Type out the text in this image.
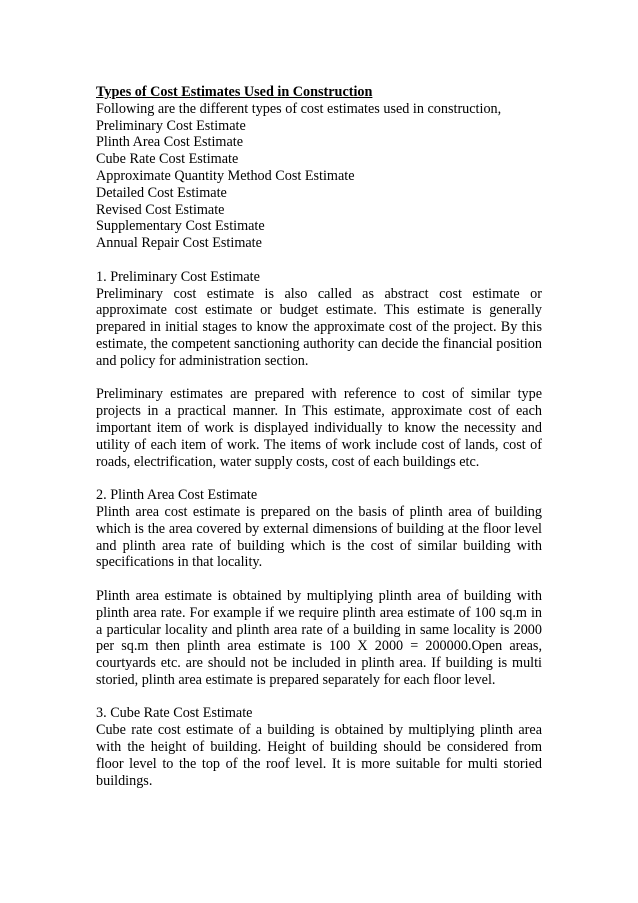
Types of Cost Estimates Used in Construction
Following are the different types of cost estimates used in construction,
Preliminary Cost Estimate
Plinth Area Cost Estimate
Cube Rate Cost Estimate
Approximate Quantity Method Cost Estimate
Detailed Cost Estimate
Revised Cost Estimate
Supplementary Cost Estimate
Annual Repair Cost Estimate
1. Preliminary Cost Estimate
Preliminary cost estimate is also called as abstract cost estimate or approximate cost estimate or budget estimate. This estimate is generally prepared in initial stages to know the approximate cost of the project. By this estimate, the competent sanctioning authority can decide the financial position and policy for administration section.
Preliminary estimates are prepared with reference to cost of similar type projects in a practical manner. In This estimate, approximate cost of each important item of work is displayed individually to know the necessity and utility of each item of work. The items of work include cost of lands, cost of roads, electrification, water supply costs, cost of each buildings etc.
2. Plinth Area Cost Estimate
Plinth area cost estimate is prepared on the basis of plinth area of building which is the area covered by external dimensions of building at the floor level and plinth area rate of building which is the cost of similar building with specifications in that locality.
Plinth area estimate is obtained by multiplying plinth area of building with plinth area rate. For example if we require plinth area estimate of 100 sq.m in a particular locality and plinth area rate of a building in same locality is 2000 per sq.m then plinth area estimate is 100 X 2000 = 200000.Open areas, courtyards etc. are should not be included in plinth area. If building is multi storied, plinth area estimate is prepared separately for each floor level.
3. Cube Rate Cost Estimate
Cube rate cost estimate of a building is obtained by multiplying plinth area with the height of building. Height of building should be considered from floor level to the top of the roof level. It is more suitable for multi storied buildings.
